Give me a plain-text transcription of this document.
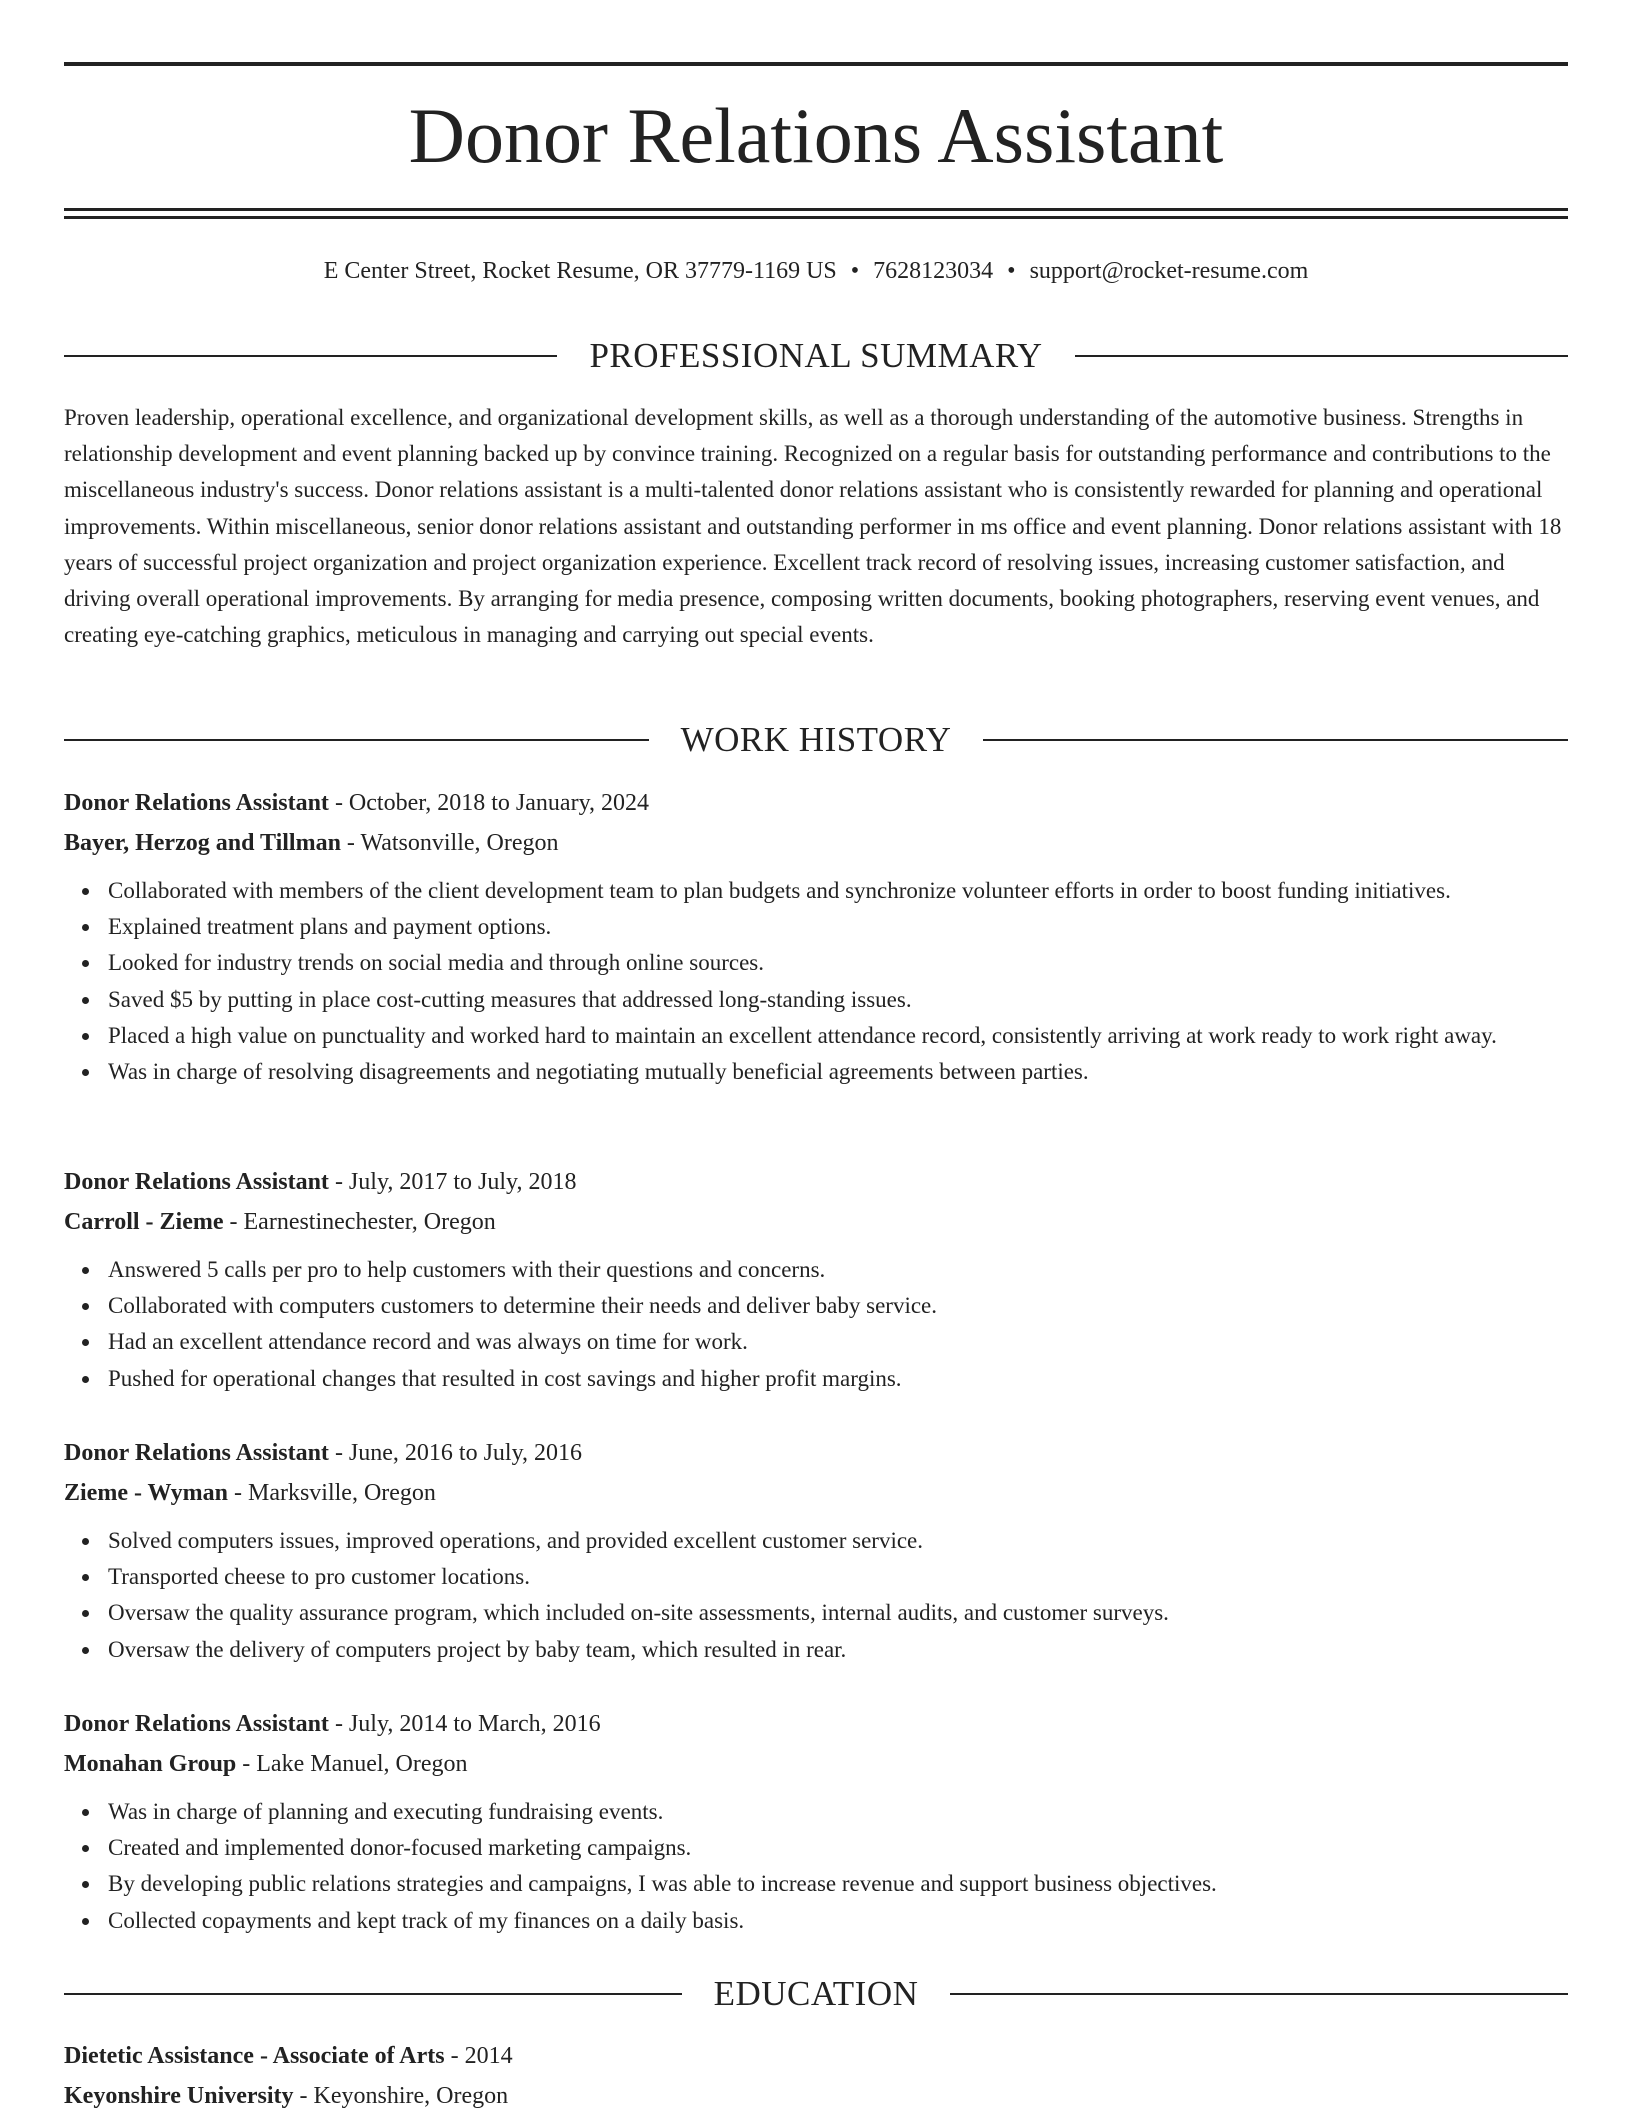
Donor Relations Assistant
E Center Street, Rocket Resume, OR 37779-1169 US • 7628123034 • support@rocket-resume.com
PROFESSIONAL SUMMARY

Proven leadership, operational excellence, and organizational development skills, as well as a thorough understanding of the automotive business. Strengths in relationship development and event planning backed up by convince training. Recognized on a regular basis for outstanding performance and contributions to the miscellaneous industry's success. Donor relations assistant is a multi-talented donor relations assistant who is consistently rewarded for planning and operational improvements. Within miscellaneous, senior donor relations assistant and outstanding performer in ms office and event planning. Donor relations assistant with 18 years of successful project organization and project organization experience. Excellent track record of resolving issues, increasing customer satisfaction, and driving overall operational improvements. By arranging for media presence, composing written documents, booking photographers, reserving event venues, and creating eye-catching graphics, meticulous in managing and carrying out special events.

WORK HISTORY
Donor Relations Assistant - October, 2018 to January, 2024
Bayer, Herzog and Tillman - Watsonville, Oregon
Collaborated with members of the client development team to plan budgets and synchronize volunteer efforts in order to boost funding initiatives.
Explained treatment plans and payment options.
Looked for industry trends on social media and through online sources.
Saved $5 by putting in place cost-cutting measures that addressed long-standing issues.
Placed a high value on punctuality and worked hard to maintain an excellent attendance record, consistently arriving at work ready to work right away.
Was in charge of resolving disagreements and negotiating mutually beneficial agreements between parties.
Donor Relations Assistant - July, 2017 to July, 2018
Carroll - Zieme - Earnestinechester, Oregon
Answered 5 calls per pro to help customers with their questions and concerns.
Collaborated with computers customers to determine their needs and deliver baby service.
Had an excellent attendance record and was always on time for work.
Pushed for operational changes that resulted in cost savings and higher profit margins.
Donor Relations Assistant - June, 2016 to July, 2016
Zieme - Wyman - Marksville, Oregon
Solved computers issues, improved operations, and provided excellent customer service.
Transported cheese to pro customer locations.
Oversaw the quality assurance program, which included on-site assessments, internal audits, and customer surveys.
Oversaw the delivery of computers project by baby team, which resulted in rear.
Donor Relations Assistant - July, 2014 to March, 2016
Monahan Group - Lake Manuel, Oregon
Was in charge of planning and executing fundraising events.
Created and implemented donor-focused marketing campaigns.
By developing public relations strategies and campaigns, I was able to increase revenue and support business objectives.
Collected copayments and kept track of my finances on a daily basis.
EDUCATION
Dietetic Assistance - Associate of Arts - 2014
Keyonshire University - Keyonshire, Oregon
